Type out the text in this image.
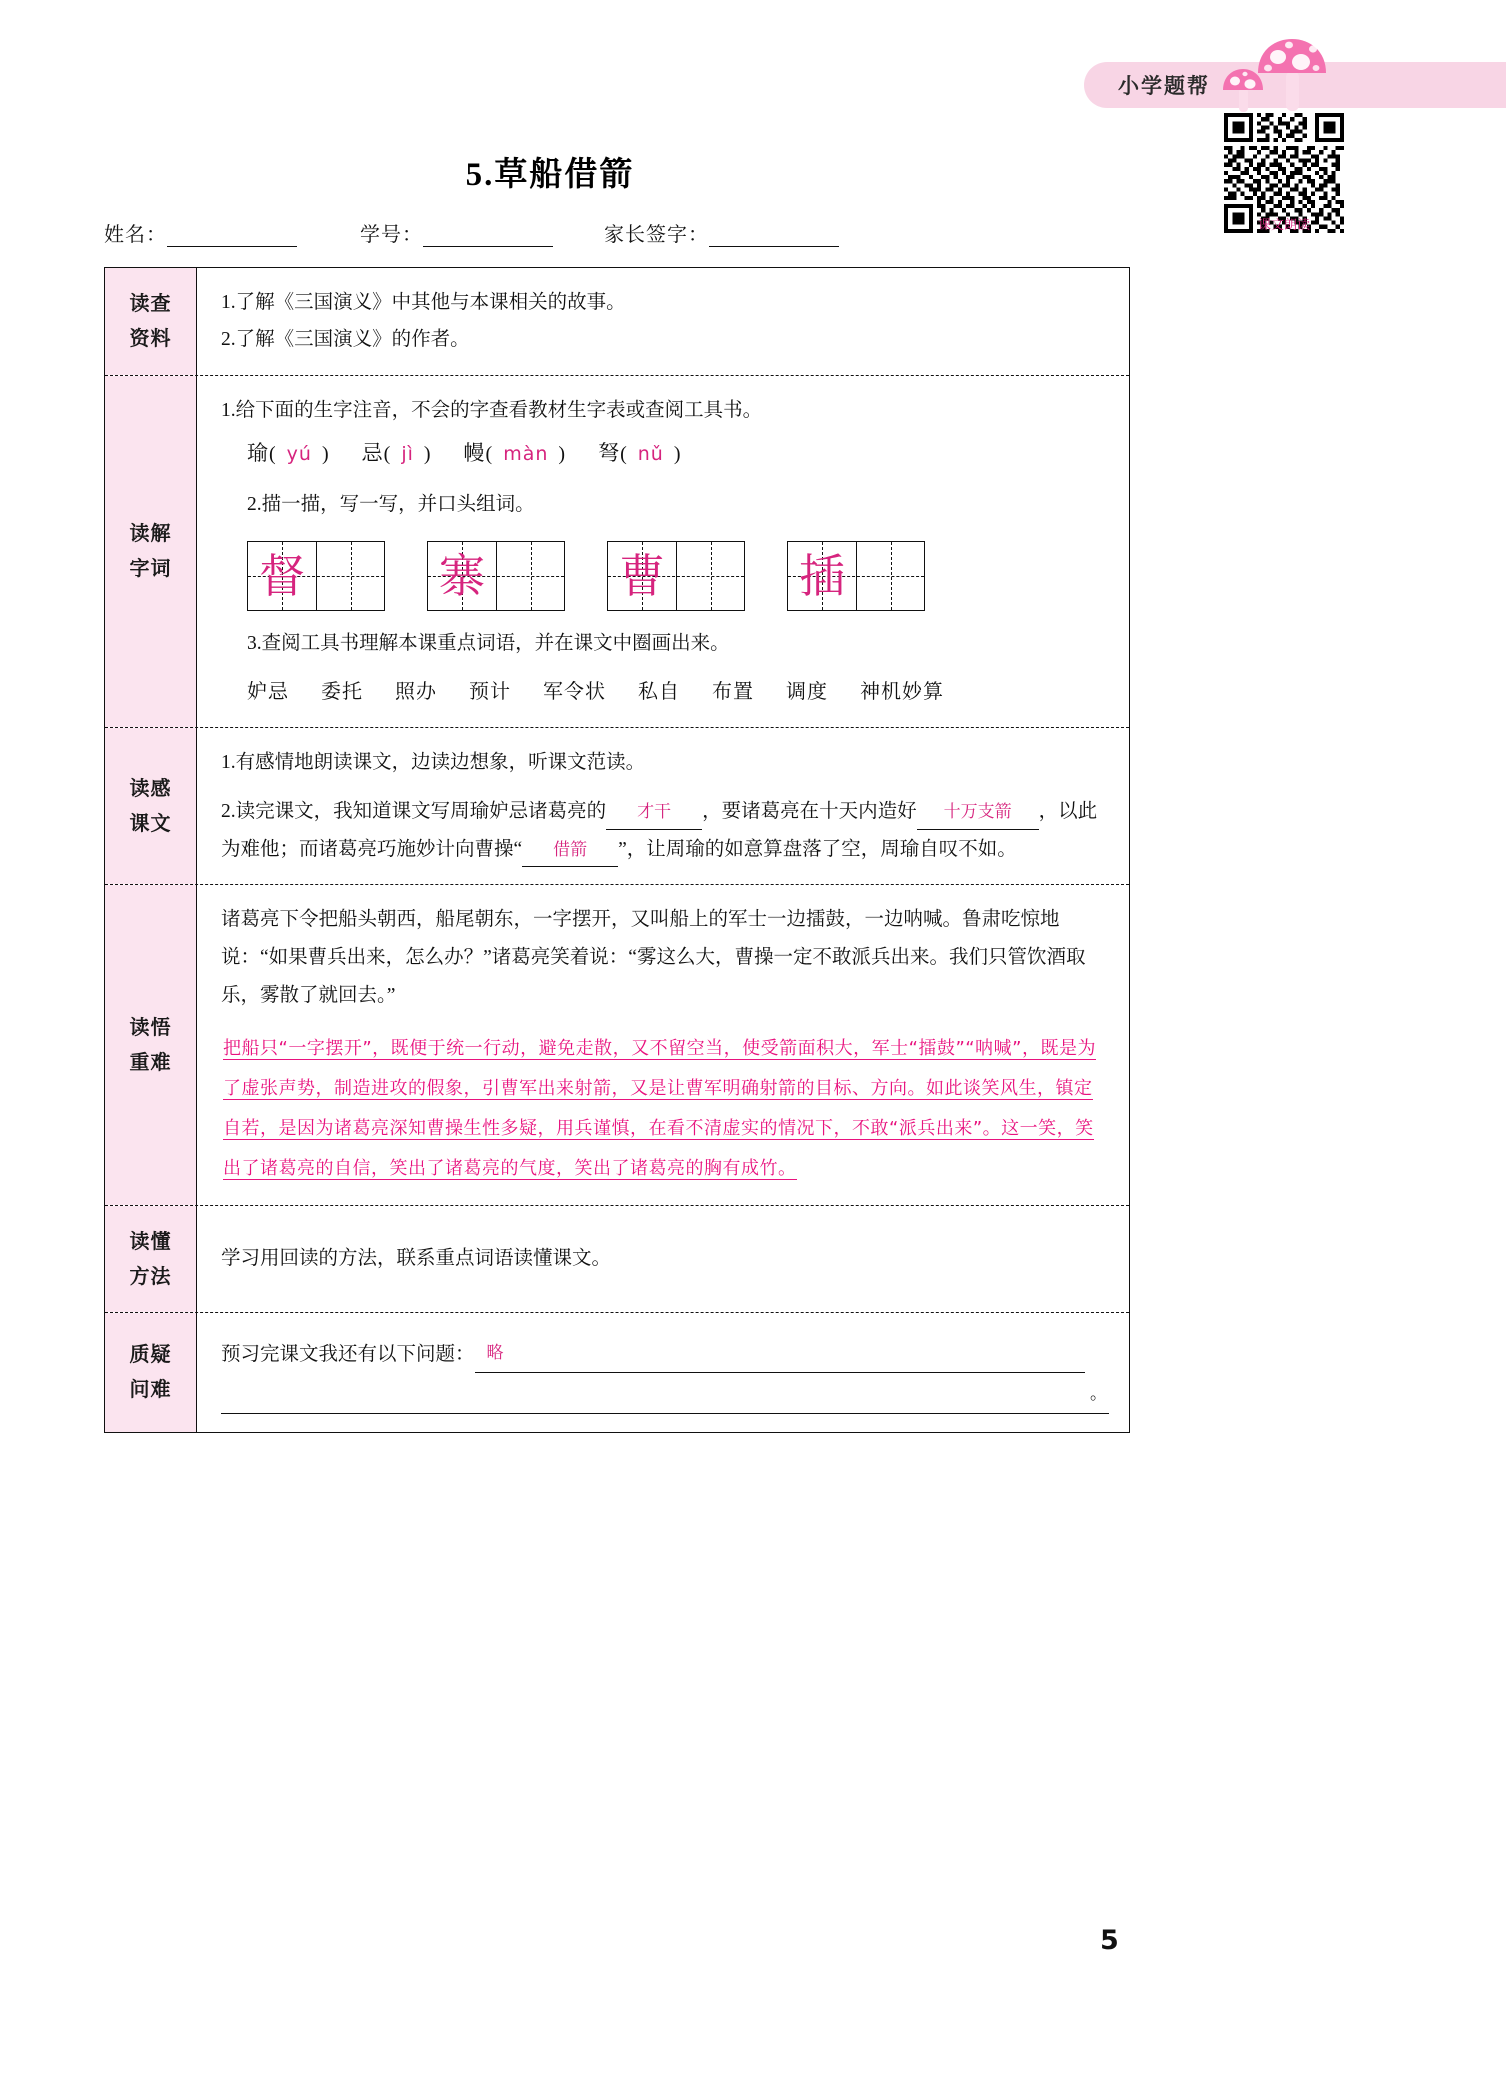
小学题帮
课文朗读
5.草船借箭
姓名：	学号：	家长签字：
读查
资料
1.了解《三国演义》中其他与本课相关的故事。
2.了解《三国演义》的作者。
读解
字词
1.给下面的生字注音，不会的字查看教材生字表或查阅工具书。
瑜( yú ) 忌( jì ) 幔( màn ) 弩( nǔ )
2.描一描，写一写，并口头组词。
督	寨	曹	插
3.查阅工具书理解本课重点词语，并在课文中圈画出来。
妒忌 委托 照办 预计 军令状 私自 布置 调度 神机妙算
读感
课文
1.有感情地朗读课文，边读边想象，听课文范读。
2.读完课文，我知道课文写周瑜妒忌诸葛亮的 才干 ，要诸葛亮在十天内造好 十万支箭 ，以此为难他；而诸葛亮巧施妙计向曹操“ 借箭 ”，让周瑜的如意算盘落了空，周瑜自叹不如。
读悟
重难
诸葛亮下令把船头朝西，船尾朝东，一字摆开，又叫船上的军士一边擂鼓，一边呐喊。鲁肃吃惊地说：“如果曹兵出来，怎么办？”诸葛亮笑着说：“雾这么大，曹操一定不敢派兵出来。我们只管饮酒取乐，雾散了就回去。”
把船只“一字摆开”，既便于统一行动，避免走散，又不留空当，使受箭面积大，军士“擂鼓”“呐喊”，既是为了虚张声势，制造进攻的假象，引曹军出来射箭，又是让曹军明确射箭的目标、方向。如此谈笑风生，镇定自若，是因为诸葛亮深知曹操生性多疑，用兵谨慎，在看不清虚实的情况下，不敢“派兵出来”。这一笑，笑出了诸葛亮的自信，笑出了诸葛亮的气度，笑出了诸葛亮的胸有成竹。
读懂
方法
学习用回读的方法，联系重点词语读懂课文。
质疑
问难
预习完课文我还有以下问题： 略

。
5
